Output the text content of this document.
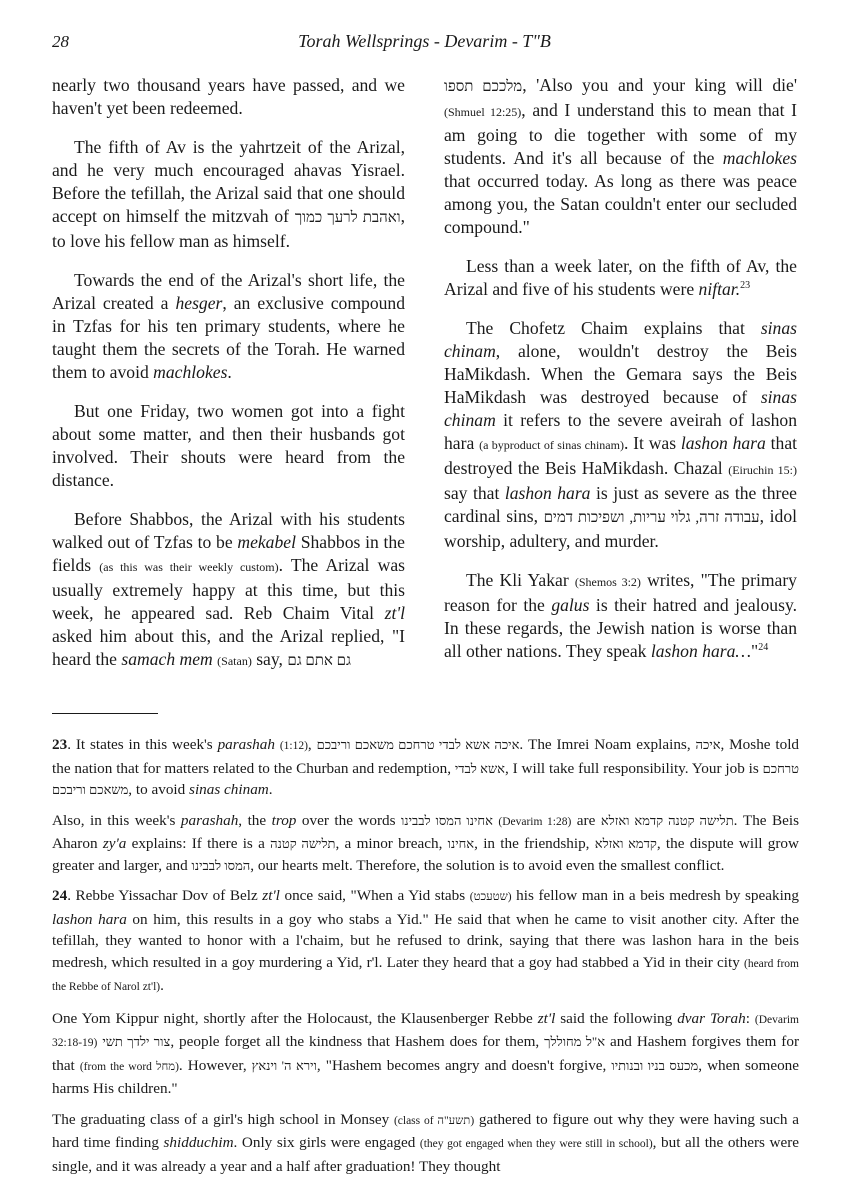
28	Torah Wellsprings - Devarim - T"B

nearly two thousand years have passed, and we haven't yet been redeemed.

The fifth of Av is the yahrtzeit of the Arizal, and he very much encouraged ahavas Yisrael. Before the tefillah, the Arizal said that one should accept on himself the mitzvah of ואהבת לרעך כמוך, to love his fellow man as himself.

Towards the end of the Arizal's short life, the Arizal created a hesger, an exclusive compound in Tzfas for his ten primary students, where he taught them the secrets of the Torah. He warned them to avoid machlokes.

But one Friday, two women got into a fight about some matter, and then their husbands got involved. Their shouts were heard from the distance.

Before Shabbos, the Arizal with his students walked out of Tzfas to be mekabel Shabbos in the fields (as this was their weekly custom). The Arizal was usually extremely happy at this time, but this week, he appeared sad. Reb Chaim Vital zt'l asked him about this, and the Arizal replied, "I heard the samach mem (Satan) say, גם אתם גם

מלככם תספו, 'Also you and your king will die' (Shmuel 12:25), and I understand this to mean that I am going to die together with some of my students. And it's all because of the machlokes that occurred today. As long as there was peace among you, the Satan couldn't enter our secluded compound."

Less than a week later, on the fifth of Av, the Arizal and five of his students were niftar.$^{23}$

The Chofetz Chaim explains that sinas chinam, alone, wouldn't destroy the Beis HaMikdash. When the Gemara says the Beis HaMikdash was destroyed because of sinas chinam it refers to the severe aveirah of lashon hara (a byproduct of sinas chinam). It was lashon hara that destroyed the Beis HaMikdash. Chazal (Eiruchin 15:) say that lashon hara is just as severe as the three cardinal sins, עבודה זרה, גלוי עריות, ושפיכות דמים, idol worship, adultery, and murder.

The Kli Yakar (Shemos 3:2) writes, "The primary reason for the galus is their hatred and jealousy. In these regards, the Jewish nation is worse than all other nations. They speak lashon hara…"$^{24}$

23. It states in this week's parashah (1:12), איכה אשא לבדי טרחכם משאכם וריבכם. The Imrei Noam explains, איכה, Moshe told the nation that for matters related to the Churban and redemption, אשא לבדי, I will take full responsibility. Your job is טרחכם משאכם וריבכם, to avoid sinas chinam.

Also, in this week's parashah, the trop over the words אחינו המסו לבבינו (Devarim 1:28) are תלישה קטנה קדמא ואזלא. The Beis Aharon zy'a explains: If there is a תלישה קטנה, a minor breach, אחינו, in the friendship, קדמא ואזלא, the dispute will grow greater and larger, and המסו לבבינו, our hearts melt. Therefore, the solution is to avoid even the smallest conflict.

24. Rebbe Yissachar Dov of Belz zt'l once said, "When a Yid stabs (שטעכט) his fellow man in a beis medresh by speaking lashon hara on him, this results in a goy who stabs a Yid." He said that when he came to visit another city. After the tefillah, they wanted to honor with a l'chaim, but he refused to drink, saying that there was lashon hara in the beis medresh, which resulted in a goy murdering a Yid, r'l. Later they heard that a goy had stabbed a Yid in their city (heard from the Rebbe of Narol zt'l).

One Yom Kippur night, shortly after the Holocaust, the Klausenberger Rebbe zt'l said the following dvar Torah: (Devarim 32:18-19) צור ילדך תשי, people forget all the kindness that Hashem does for them, א"ל מחוללך and Hashem forgives them for that (from the word מחל). However, וירא ה' וינאץ, "Hashem becomes angry and doesn't forgive, מכעס בניו ובנותיו, when someone harms His children."

The graduating class of a girl's high school in Monsey (class of תשע"ה) gathered to figure out why they were having such a hard time finding shidduchim. Only six girls were engaged (they got engaged when they were still in school), but all the others were single, and it was already a year and a half after graduation! They thought
